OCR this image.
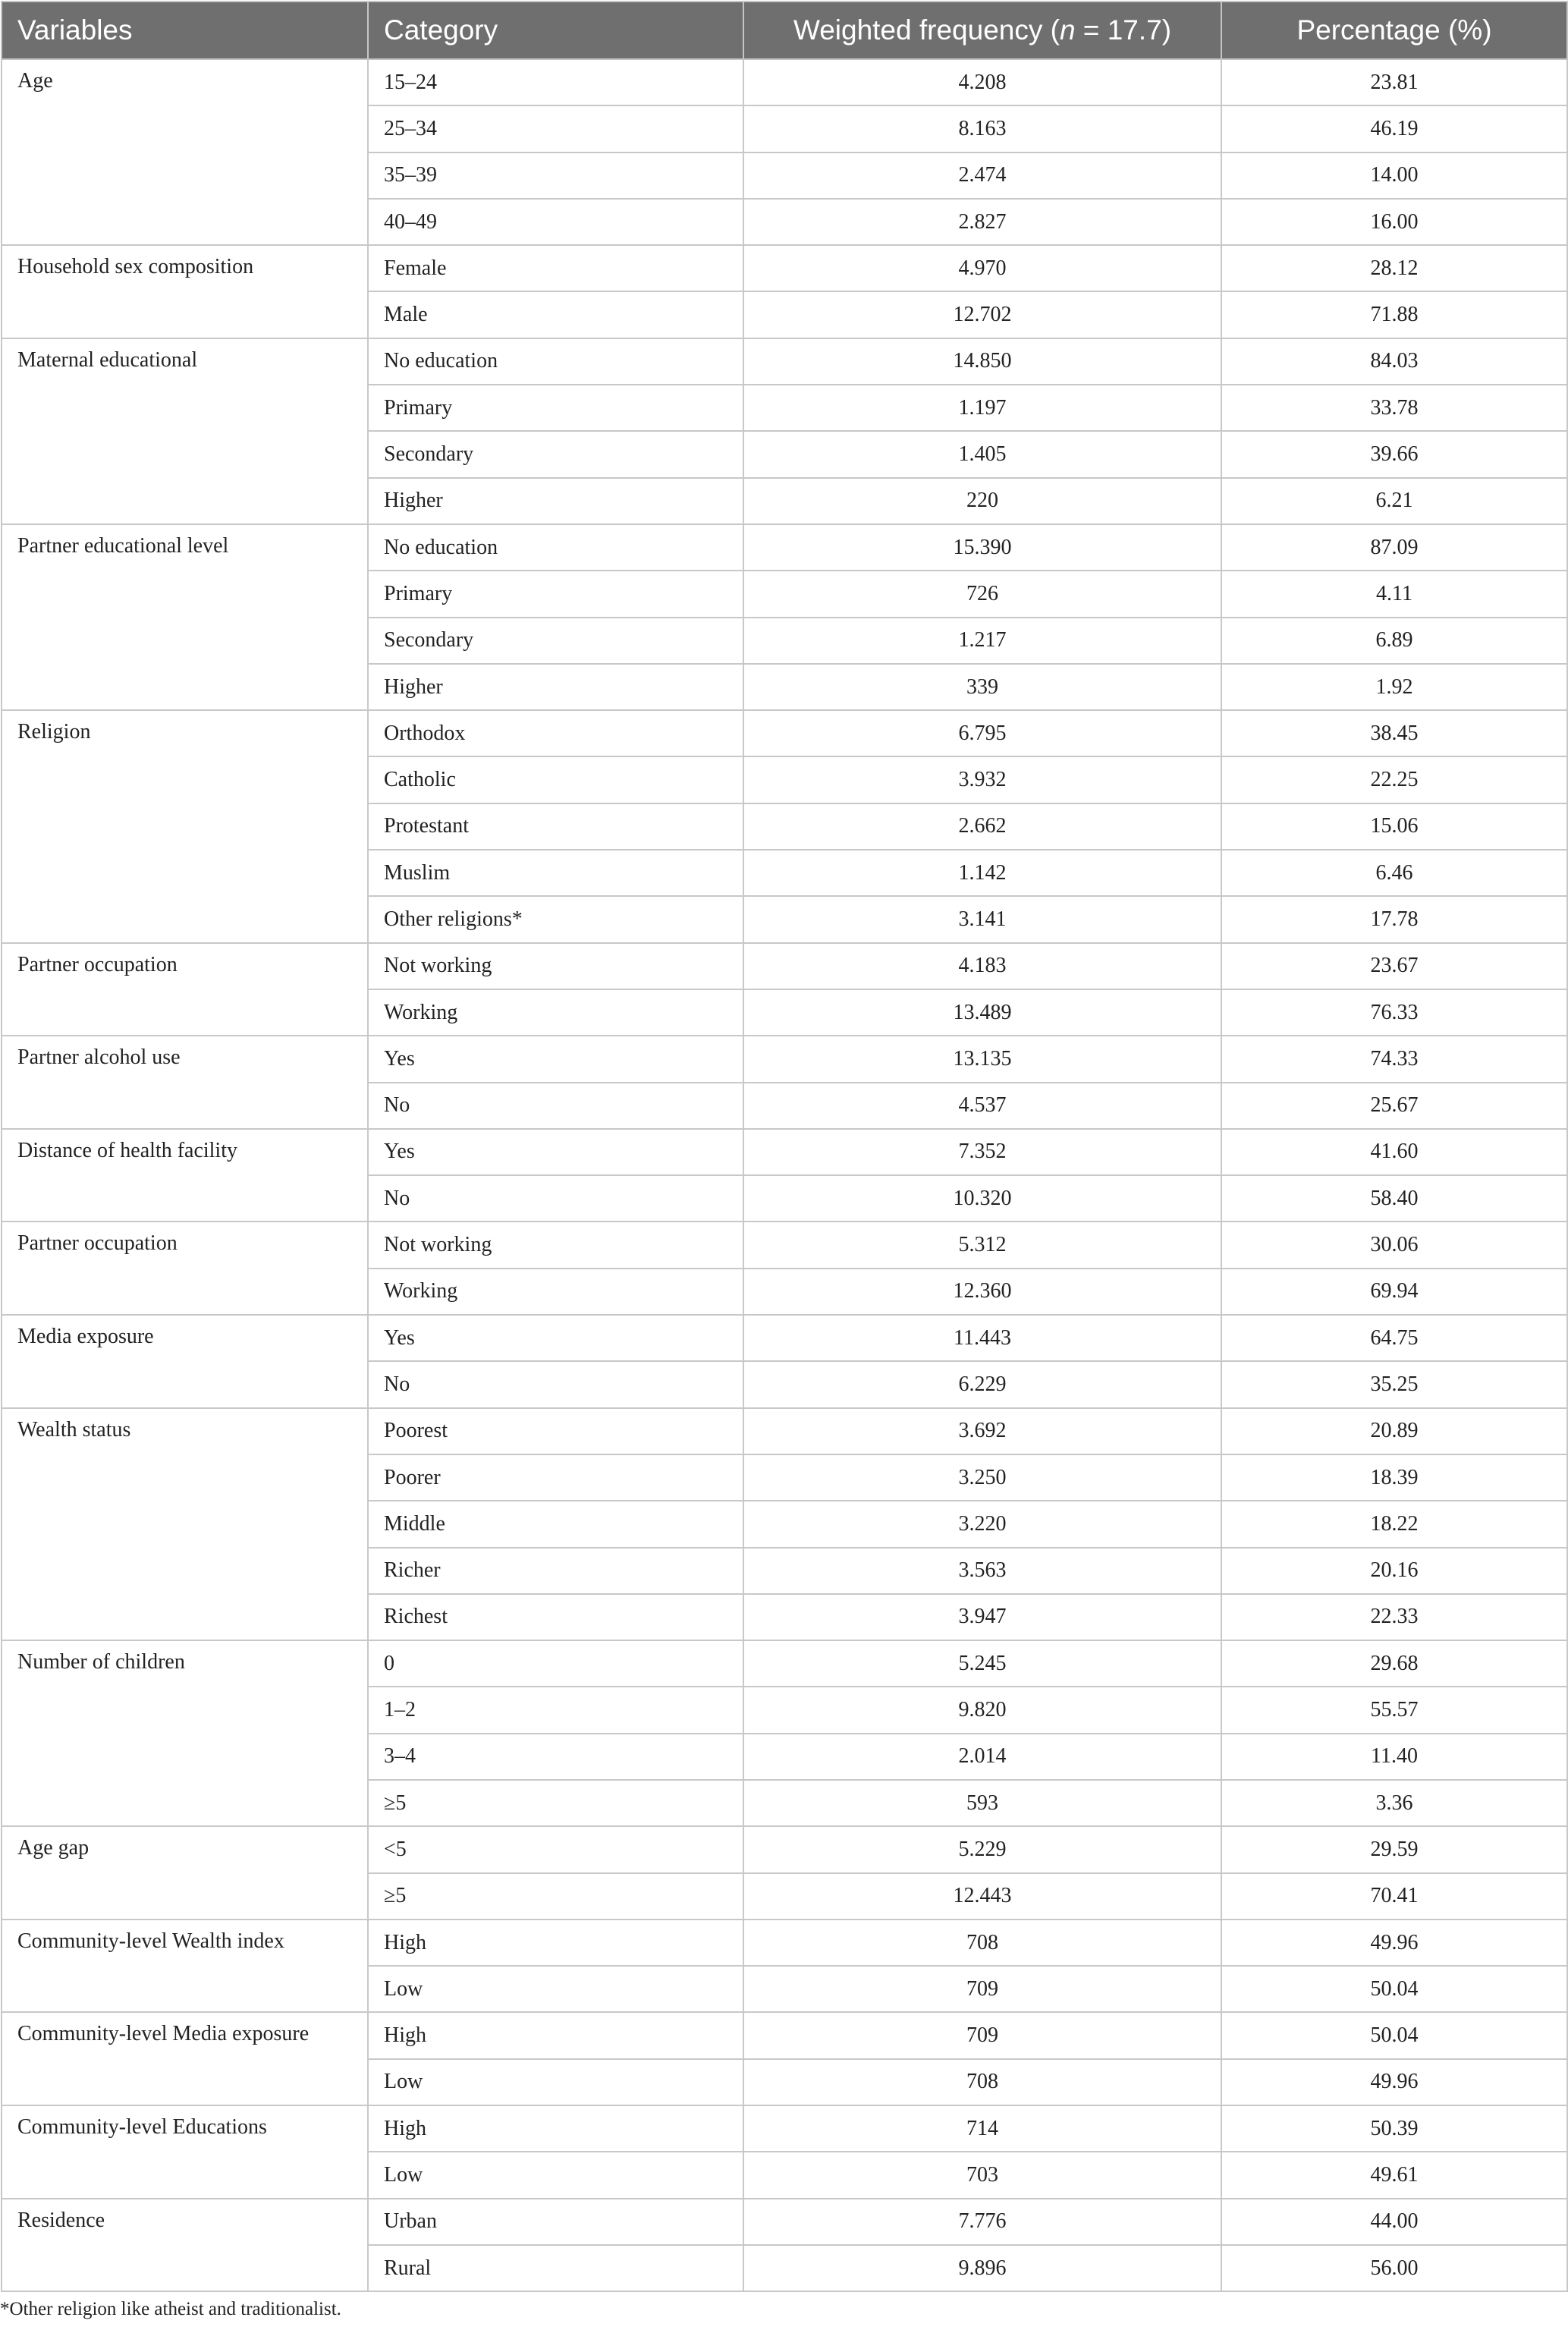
Variables	Category	Weighted frequency (n = 17.7)	Percentage (%)
Age	15–24	4.208	23.81
	25–34	8.163	46.19
	35–39	2.474	14.00
	40–49	2.827	16.00
Household sex composition	Female	4.970	28.12
	Male	12.702	71.88
Maternal educational	No education	14.850	84.03
	Primary	1.197	33.78
	Secondary	1.405	39.66
	Higher	220	6.21
Partner educational level	No education	15.390	87.09
	Primary	726	4.11
	Secondary	1.217	6.89
	Higher	339	1.92
Religion	Orthodox	6.795	38.45
	Catholic	3.932	22.25
	Protestant	2.662	15.06
	Muslim	1.142	6.46
	Other religions*	3.141	17.78
Partner occupation	Not working	4.183	23.67
	Working	13.489	76.33
Partner alcohol use	Yes	13.135	74.33
	No	4.537	25.67
Distance of health facility	Yes	7.352	41.60
	No	10.320	58.40
Partner occupation	Not working	5.312	30.06
	Working	12.360	69.94
Media exposure	Yes	11.443	64.75
	No	6.229	35.25
Wealth status	Poorest	3.692	20.89
	Poorer	3.250	18.39
	Middle	3.220	18.22
	Richer	3.563	20.16
	Richest	3.947	22.33
Number of children	0	5.245	29.68
	1–2	9.820	55.57
	3–4	2.014	11.40
	≥5	593	3.36
Age gap	<5	5.229	29.59
	≥5	12.443	70.41
Community-level Wealth index	High	708	49.96
	Low	709	50.04
Community-level Media exposure	High	709	50.04
	Low	708	49.96
Community-level Educations	High	714	50.39
	Low	703	49.61
Residence	Urban	7.776	44.00
	Rural	9.896	56.00
*Other religion like atheist and traditionalist.
